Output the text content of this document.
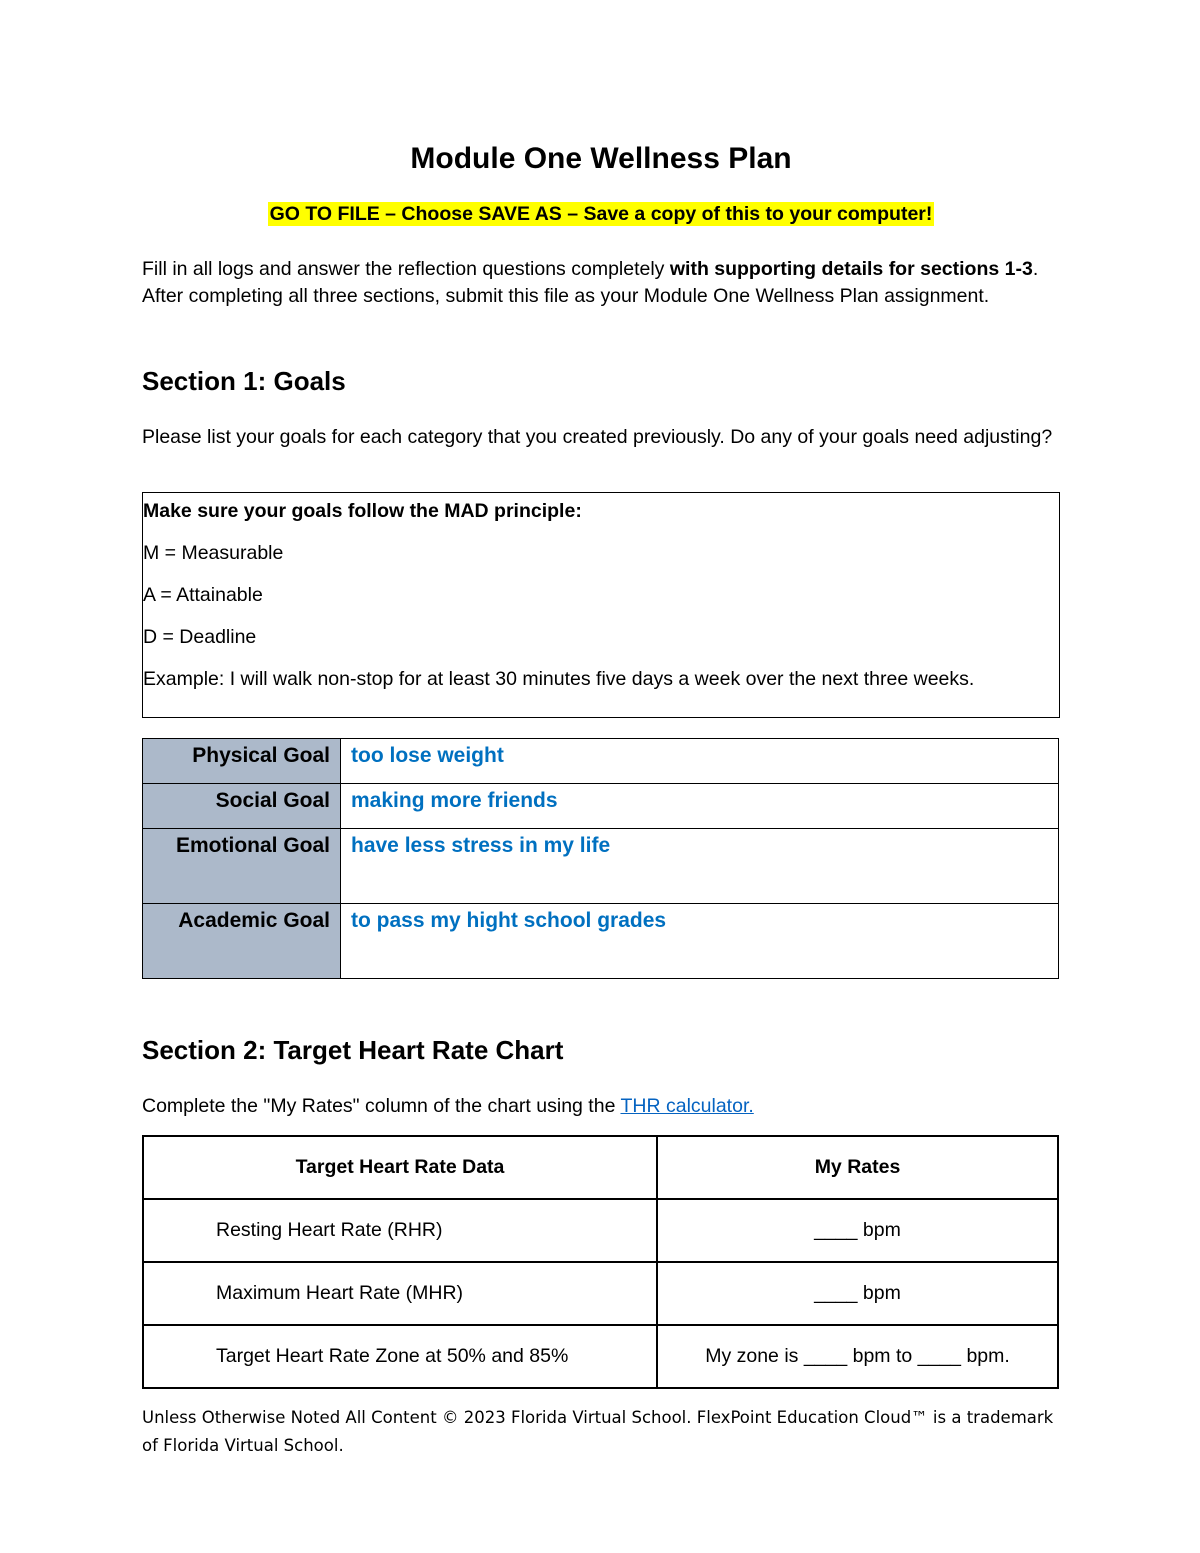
Module One Wellness Plan
GO TO FILE – Choose SAVE AS – Save a copy of this to your computer!

Fill in all logs and answer the reflection questions completely with supporting details for sections 1-3. After completing all three sections, submit this file as your Module One Wellness Plan assignment.

Section 1: Goals

Please list your goals for each category that you created previously. Do any of your goals need adjusting?

Make sure your goals follow the MAD principle:

M = Measurable

A = Attainable

D = Deadline

Example: I will walk non-stop for at least 30 minutes five days a week over the next three weeks.

Physical Goal	too lose weight
Social Goal	making more friends
Emotional Goal	have less stress in my life
Academic Goal	to pass my hight school grades
Section 2: Target Heart Rate Chart

Complete the "My Rates" column of the chart using the THR calculator.

Target Heart Rate Data	My Rates
Resting Heart Rate (RHR)	____ bpm
Maximum Heart Rate (MHR)	____ bpm
Target Heart Rate Zone at 50% and 85%	My zone is ____ bpm to ____ bpm.

Unless Otherwise Noted All Content © 2023 Florida Virtual School. FlexPoint Education Cloud™ is a trademark of Florida Virtual School.
